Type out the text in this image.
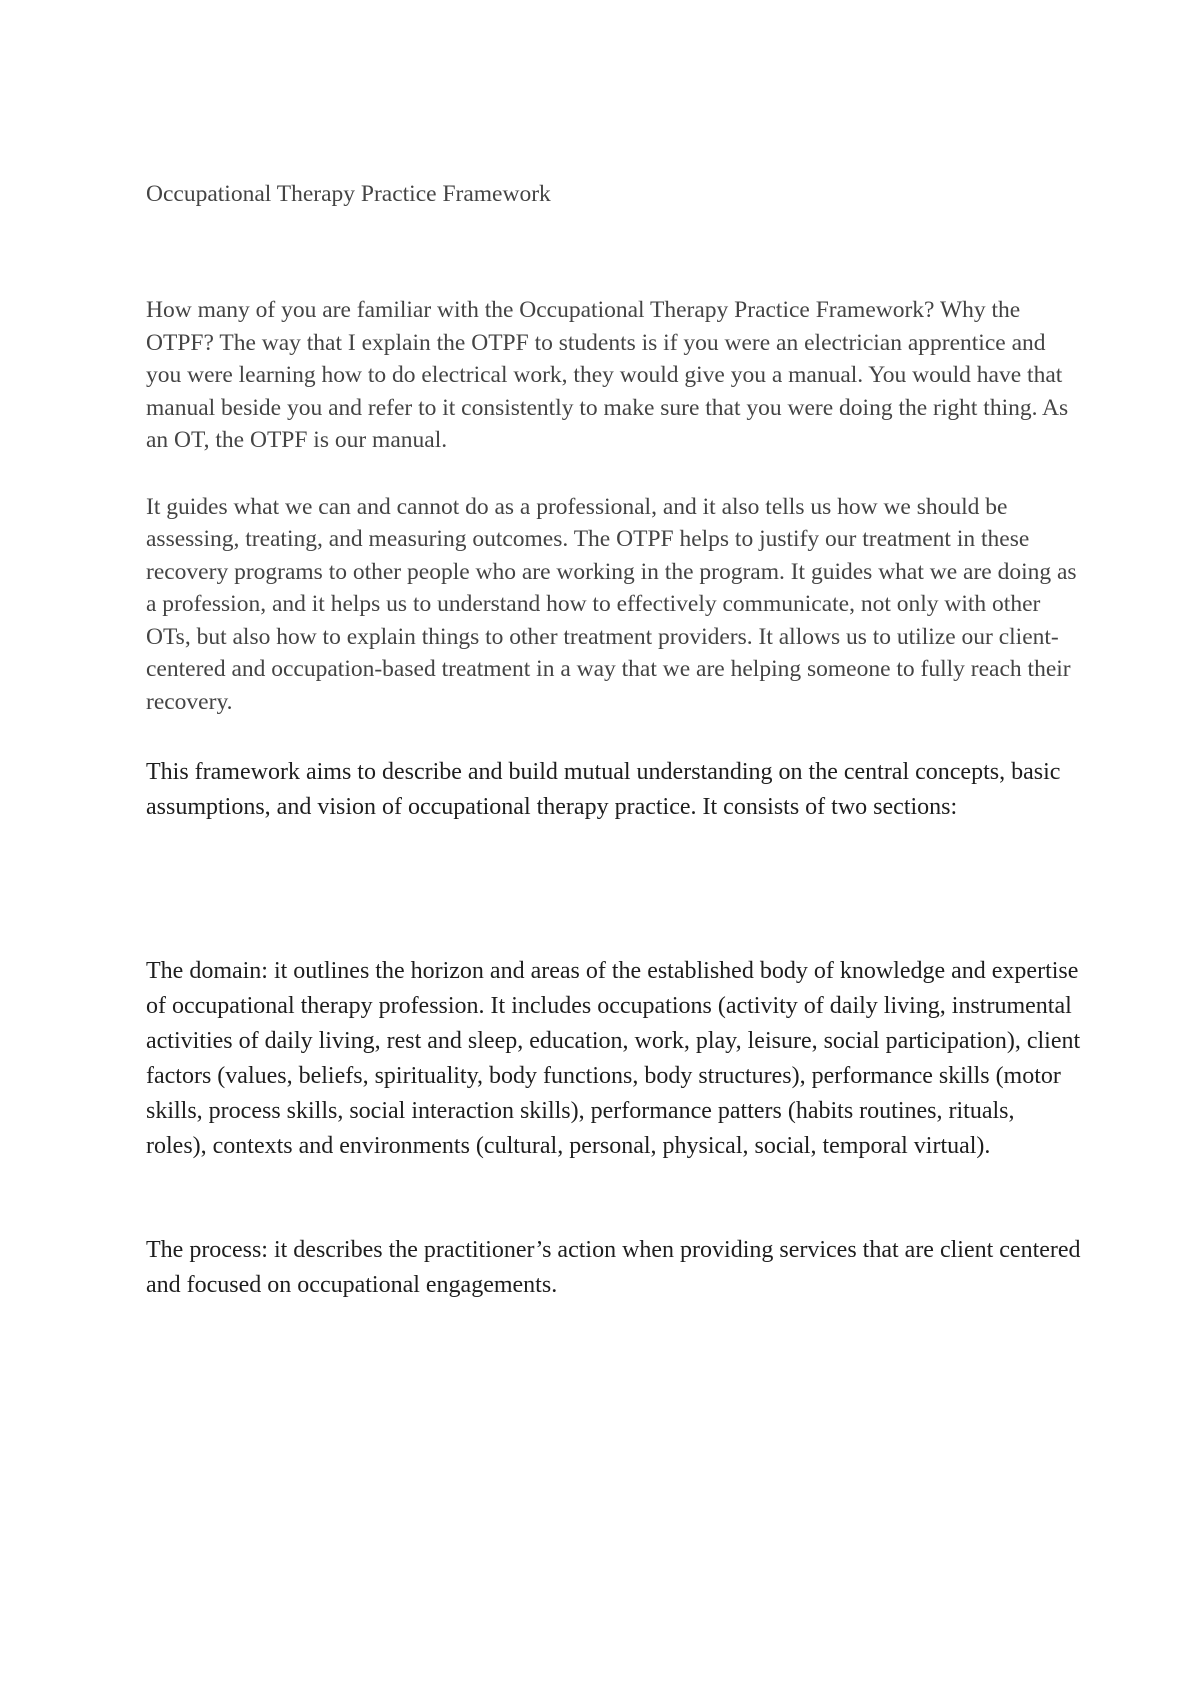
Occupational Therapy Practice Framework

How many of you are familiar with the Occupational Therapy Practice Framework? Why the OTPF? The way that I explain the OTPF to students is if you were an electrician apprentice and you were learning how to do electrical work, they would give you a manual. You would have that manual beside you and refer to it consistently to make sure that you were doing the right thing. As an OT, the OTPF is our manual.

It guides what we can and cannot do as a professional, and it also tells us how we should be assessing, treating, and measuring outcomes. The OTPF helps to justify our treatment in these recovery programs to other people who are working in the program. It guides what we are doing as a profession, and it helps us to understand how to effectively communicate, not only with other OTs, but also how to explain things to other treatment providers. It allows us to utilize our client-centered and occupation-based treatment in a way that we are helping someone to fully reach their recovery.

This framework aims to describe and build mutual understanding on the central concepts, basic assumptions, and vision of occupational therapy practice. It consists of two sections:

The domain: it outlines the horizon and areas of the established body of knowledge and expertise of occupational therapy profession. It includes occupations (activity of daily living, instrumental activities of daily living, rest and sleep, education, work, play, leisure, social participation), client factors (values, beliefs, spirituality, body functions, body structures), performance skills (motor skills, process skills, social interaction skills), performance patters (habits routines, rituals, roles), contexts and environments (cultural, personal, physical, social, temporal virtual).

The process: it describes the practitioner’s action when providing services that are client centered and focused on occupational engagements.
